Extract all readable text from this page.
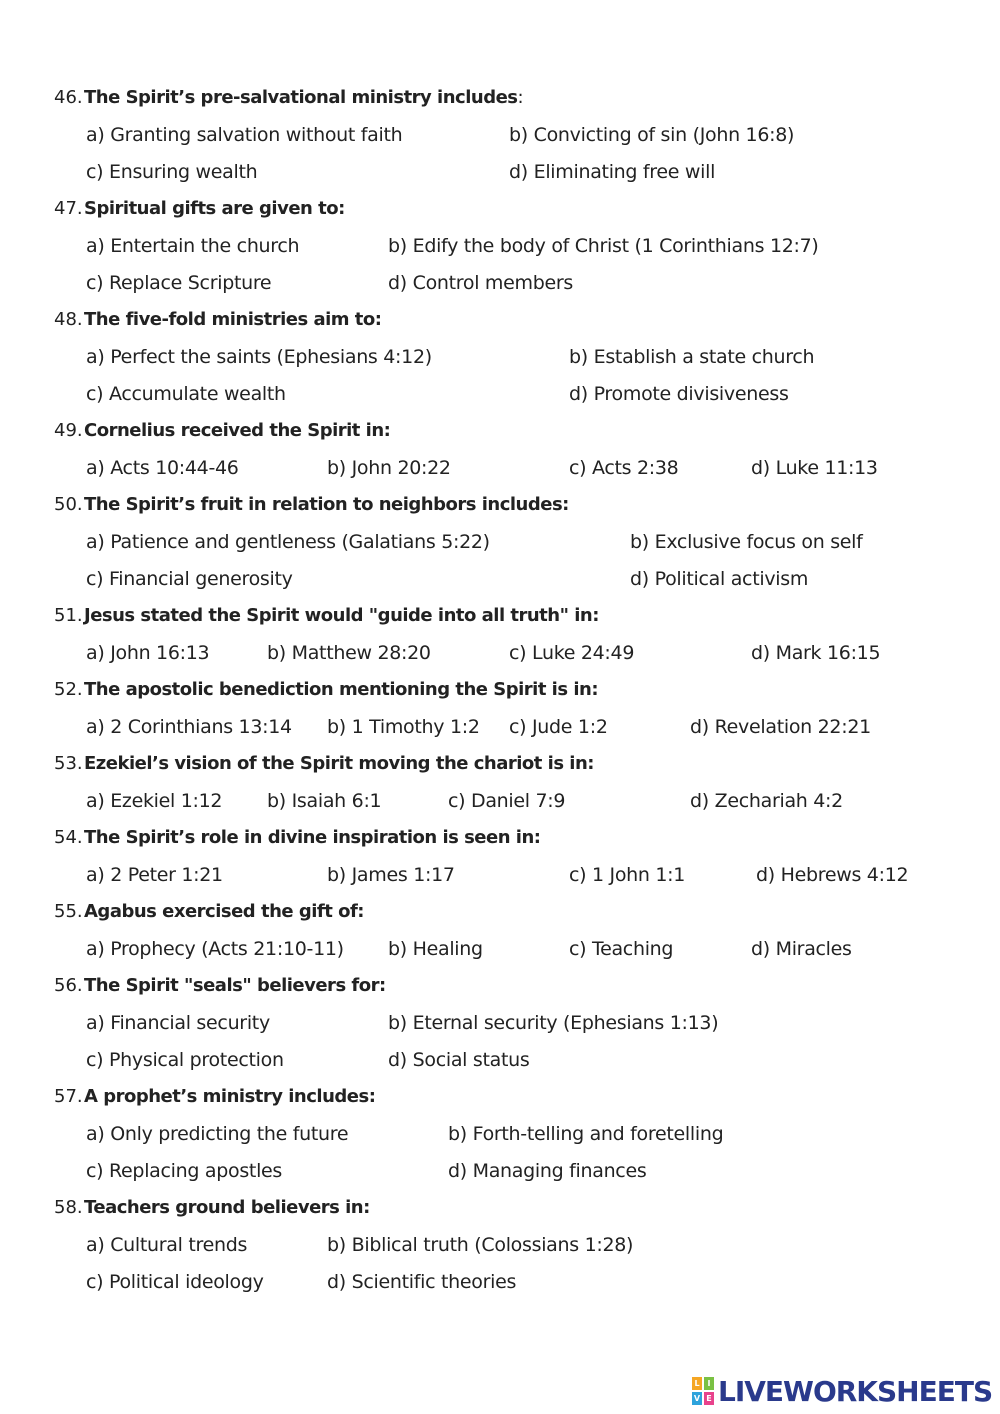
46.The Spirit’s pre-salvational ministry includes:
a) Granting salvation without faith	b) Convicting of sin (John 16:8)
c) Ensuring wealth	d) Eliminating free will
47.Spiritual gifts are given to:
a) Entertain the church	b) Edify the body of Christ (1 Corinthians 12:7)
c) Replace Scripture	d) Control members
48.The five-fold ministries aim to:
a) Perfect the saints (Ephesians 4:12)	b) Establish a state church
c) Accumulate wealth	d) Promote divisiveness
49.Cornelius received the Spirit in:
a) Acts 10:44-46	b) John 20:22	c) Acts 2:38	d) Luke 11:13
50.The Spirit’s fruit in relation to neighbors includes:
a) Patience and gentleness (Galatians 5:22)	b) Exclusive focus on self
c) Financial generosity	d) Political activism
51.Jesus stated the Spirit would "guide into all truth" in:
a) John 16:13	b) Matthew 28:20	c) Luke 24:49	d) Mark 16:15
52.The apostolic benediction mentioning the Spirit is in:
a) 2 Corinthians 13:14 b) 1 Timothy 1:2 c) Jude 1:2	d) Revelation 22:21
53.Ezekiel’s vision of the Spirit moving the chariot is in:
a) Ezekiel 1:12 b) Isaiah 6:1	c) Daniel 7:9	d) Zechariah 4:2
54.The Spirit’s role in divine inspiration is seen in:
a) 2 Peter 1:21	b) James 1:17	c) 1 John 1:1	d) Hebrews 4:12
55.Agabus exercised the gift of:
a) Prophecy (Acts 21:10-11) b) Healing	c) Teaching	d) Miracles
56.The Spirit "seals" believers for:
a) Financial security	b) Eternal security (Ephesians 1:13)
c) Physical protection	d) Social status
57.A prophet’s ministry includes:
a) Only predicting the future	b) Forth-telling and foretelling
c) Replacing apostles	d) Managing finances
58.Teachers ground believers in:
a) Cultural trends	b) Biblical truth (Colossians 1:28)
c) Political ideology	d) Scientific theories
L I
V E LIVEWORKSHEETS
